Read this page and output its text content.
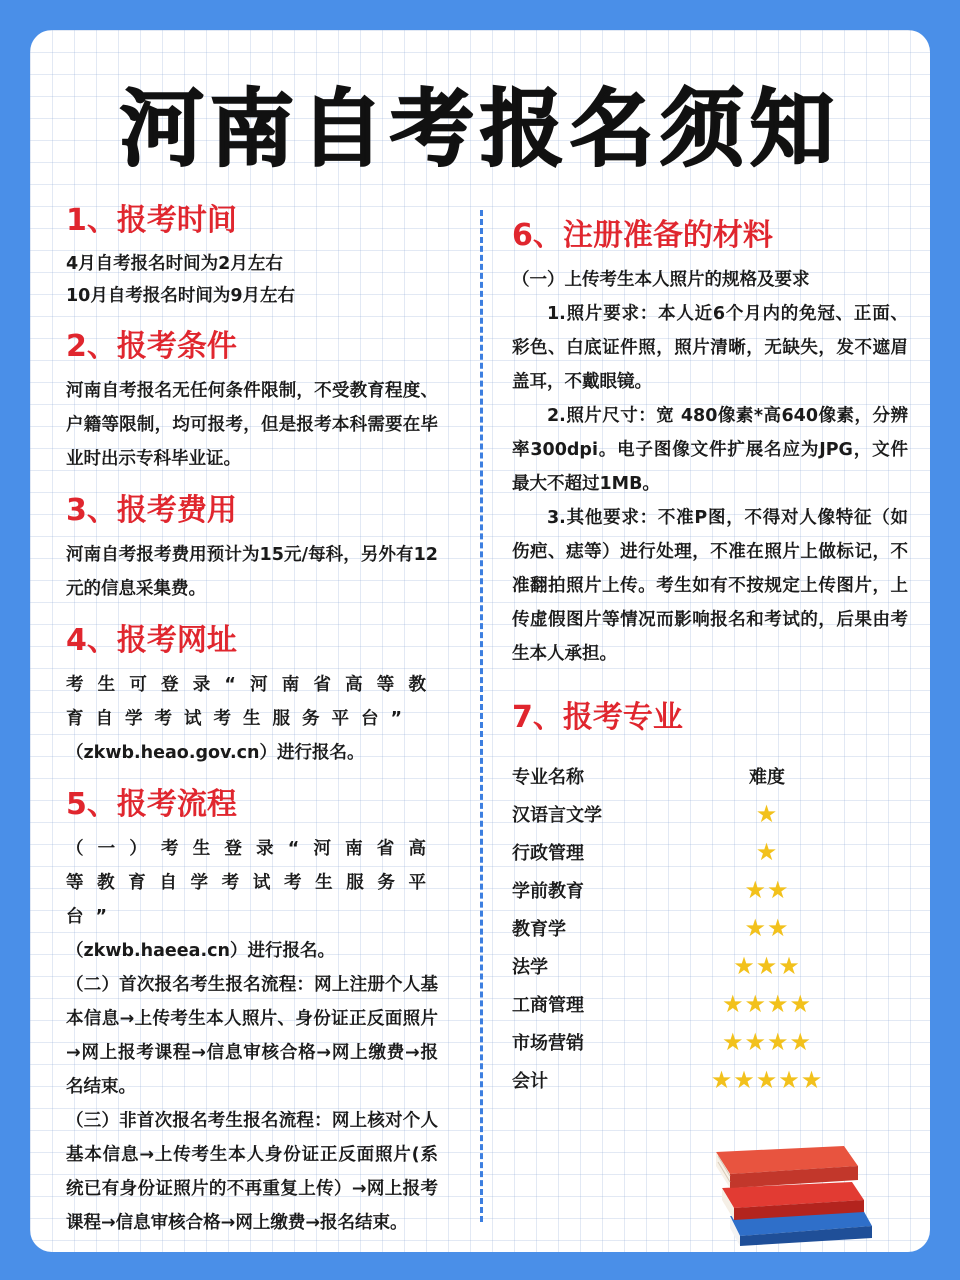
河南自考报名须知
1、报考时间
4月自考报名时间为2月左右
10月自考报名时间为9月左右
2、报考条件
河南自考报名无任何条件限制，不受教育程度、户籍等限制，均可报考，但是报考本科需要在毕业时出示专科毕业证。
3、报考费用
河南自考报考费用预计为15元/每科，另外有12元的信息采集费。
4、报考网址
考生可登录“河南省高等教育自学考试考生服务平台”
（zkwb.heao.gov.cn）进行报名。
5、报考流程
（一）考生登录“河南省高等教育自学考试考生服务平台”
（zkwb.haeea.cn）进行报名。
（二）首次报名考生报名流程：网上注册个人基本信息→上传考生本人照片、身份证正反面照片→网上报考课程→信息审核合格→网上缴费→报名结束。
（三）非首次报名考生报名流程：网上核对个人基本信息→上传考生本人身份证正反面照片(系统已有身份证照片的不再重复上传）→网上报考课程→信息审核合格→网上缴费→报名结束。
6、注册准备的材料
（一）上传考生本人照片的规格及要求
1.照片要求：本人近6个月内的免冠、正面、彩色、白底证件照，照片清晰，无缺失，发不遮眉盖耳，不戴眼镜。
2.照片尺寸：宽 480像素*高640像素，分辨率300dpi。电子图像文件扩展名应为JPG，文件最大不超过1MB。
3.其他要求：不准P图，不得对人像特征（如伤疤、痣等）进行处理，不准在照片上做标记，不准翻拍照片上传。考生如有不按规定上传图片，上传虚假图片等情况而影响报名和考试的，后果由考生本人承担。
7、报考专业
专业名称	难度
汉语言文学	★
行政管理	★
学前教育	★★
教育学	★★
法学	★★★
工商管理	★★★★
市场营销	★★★★
会计	★★★★★
